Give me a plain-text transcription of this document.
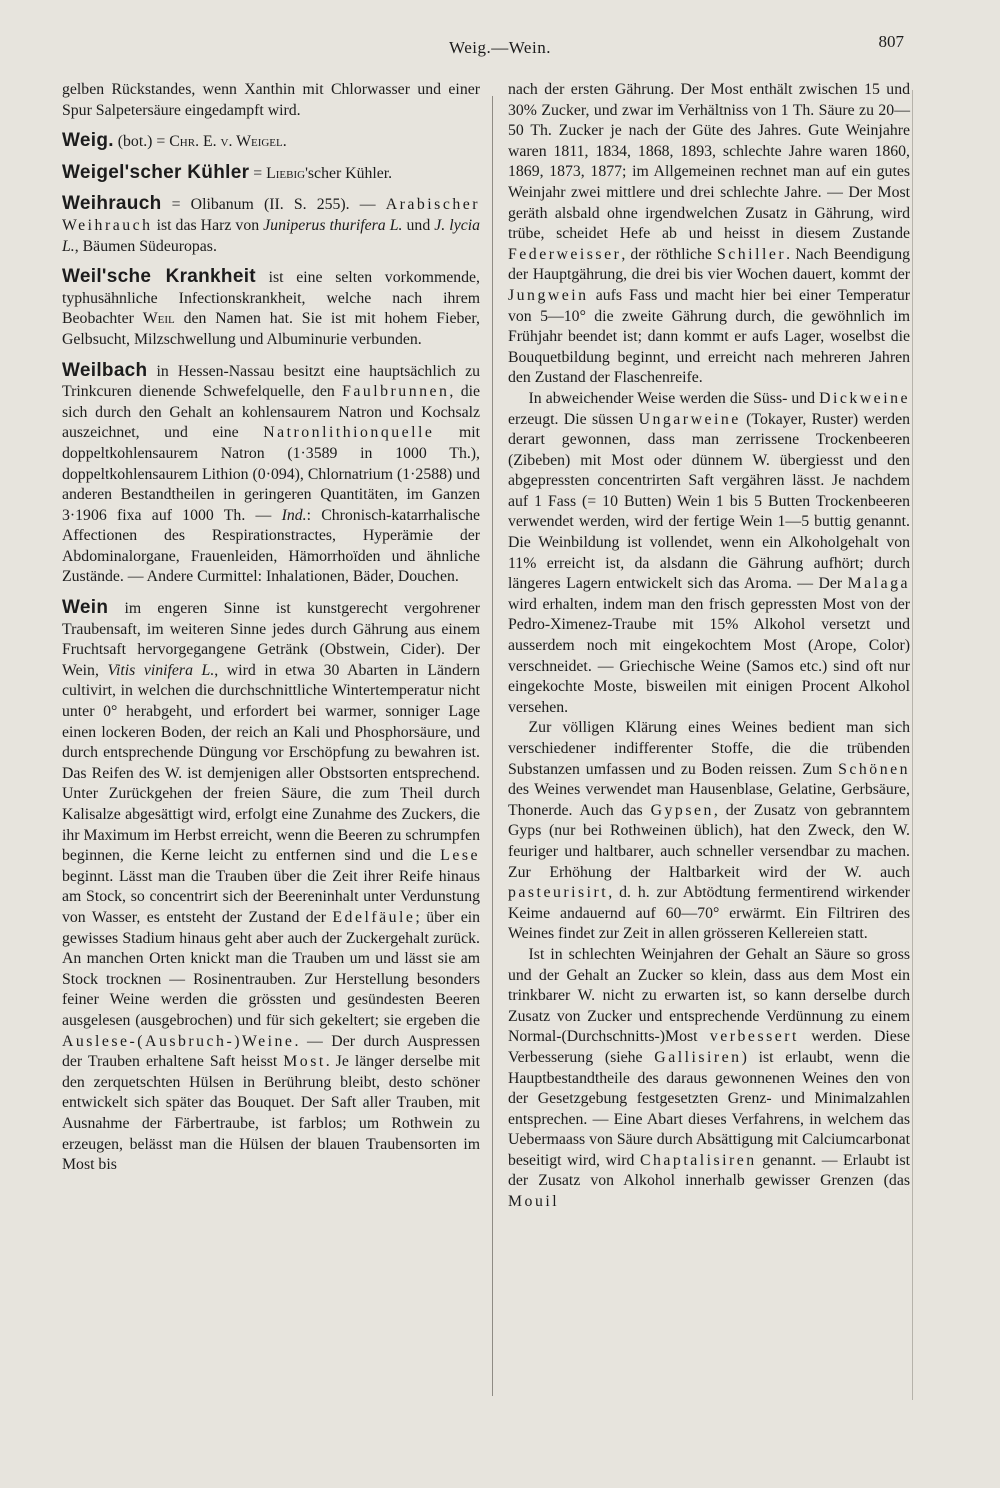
Weig.—Wein.	807

gelben Rückstandes, wenn Xanthin mit Chlorwasser und einer Spur Salpetersäure eingedampft wird.

Weig. (bot.) = Chr. E. v. Weigel.

Weigel'scher Kühler = Liebig'scher Kühler.

Weihrauch = Olibanum (II. S. 255). — Arabischer Weihrauch ist das Harz von Juniperus thurifera L. und J. lycia L., Bäumen Südeuropas.

Weil'sche Krankheit ist eine selten vorkommende, typhusähnliche Infectionskrankheit, welche nach ihrem Beobachter Weil den Namen hat. Sie ist mit hohem Fieber, Gelbsucht, Milzschwellung und Albuminurie verbunden.

Weilbach in Hessen-Nassau besitzt eine hauptsächlich zu Trinkcuren dienende Schwefelquelle, den Faulbrunnen, die sich durch den Gehalt an kohlensaurem Natron und Kochsalz auszeichnet, und eine Natronlithionquelle mit doppeltkohlensaurem Natron (1·3589 in 1000 Th.), doppeltkohlensaurem Lithion (0·094), Chlornatrium (1·2588) und anderen Bestandtheilen in geringeren Quantitäten, im Ganzen 3·1906 fixa auf 1000 Th. — Ind.: Chronisch-katarrhalische Affectionen des Respirationstractes, Hyperämie der Abdominalorgane, Frauenleiden, Hämorrhoïden und ähnliche Zustände. — Andere Curmittel: Inhalationen, Bäder, Douchen.

Wein im engeren Sinne ist kunstgerecht vergohrener Traubensaft, im weiteren Sinne jedes durch Gährung aus einem Fruchtsaft hervorgegangene Getränk (Obstwein, Cider). Der Wein, Vitis vinifera L., wird in etwa 30 Abarten in Ländern cultivirt, in welchen die durchschnittliche Wintertemperatur nicht unter 0° herabgeht, und erfordert bei warmer, sonniger Lage einen lockeren Boden, der reich an Kali und Phosphorsäure, und durch entsprechende Düngung vor Erschöpfung zu bewahren ist. Das Reifen des W. ist demjenigen aller Obstsorten entsprechend. Unter Zurückgehen der freien Säure, die zum Theil durch Kalisalze abgesättigt wird, erfolgt eine Zunahme des Zuckers, die ihr Maximum im Herbst erreicht, wenn die Beeren zu schrumpfen beginnen, die Kerne leicht zu entfernen sind und die Lese beginnt. Lässt man die Trauben über die Zeit ihrer Reife hinaus am Stock, so concentrirt sich der Beereninhalt unter Verdunstung von Wasser, es entsteht der Zustand der Edelfäule; über ein gewisses Stadium hinaus geht aber auch der Zuckergehalt zurück. An manchen Orten knickt man die Trauben um und lässt sie am Stock trocknen — Rosinentrauben. Zur Herstellung besonders feiner Weine werden die grössten und gesündesten Beeren ausgelesen (ausgebrochen) und für sich gekeltert; sie ergeben die Auslese-(Ausbruch-)Weine. — Der durch Auspressen der Trauben erhaltene Saft heisst Most. Je länger derselbe mit den zerquetschten Hülsen in Berührung bleibt, desto schöner entwickelt sich später das Bouquet. Der Saft aller Trauben, mit Ausnahme der Färbertraube, ist farblos; um Rothwein zu erzeugen, belässt man die Hülsen der blauen Traubensorten im Most bis

nach der ersten Gährung. Der Most enthält zwischen 15 und 30% Zucker, und zwar im Verhältniss von 1 Th. Säure zu 20—50 Th. Zucker je nach der Güte des Jahres. Gute Weinjahre waren 1811, 1834, 1868, 1893, schlechte Jahre waren 1860, 1869, 1873, 1877; im Allgemeinen rechnet man auf ein gutes Weinjahr zwei mittlere und drei schlechte Jahre. — Der Most geräth alsbald ohne irgendwelchen Zusatz in Gährung, wird trübe, scheidet Hefe ab und heisst in diesem Zustande Federweisser, der röthliche Schiller. Nach Beendigung der Hauptgährung, die drei bis vier Wochen dauert, kommt der Jungwein aufs Fass und macht hier bei einer Temperatur von 5—10° die zweite Gährung durch, die gewöhnlich im Frühjahr beendet ist; dann kommt er aufs Lager, woselbst die Bouquetbildung beginnt, und erreicht nach mehreren Jahren den Zustand der Flaschenreife.

In abweichender Weise werden die Süss- und Dickweine erzeugt. Die süssen Ungarweine (Tokayer, Ruster) werden derart gewonnen, dass man zerrissene Trockenbeeren (Zibeben) mit Most oder dünnem W. übergiesst und den abgepressten concentrirten Saft vergähren lässt. Je nachdem auf 1 Fass (= 10 Butten) Wein 1 bis 5 Butten Trockenbeeren verwendet werden, wird der fertige Wein 1—5 buttig genannt. Die Weinbildung ist vollendet, wenn ein Alkoholgehalt von 11% erreicht ist, da alsdann die Gährung aufhört; durch längeres Lagern entwickelt sich das Aroma. — Der Malaga wird erhalten, indem man den frisch gepressten Most von der Pedro-Ximenez-Traube mit 15% Alkohol versetzt und ausserdem noch mit eingekochtem Most (Arope, Color) verschneidet. — Griechische Weine (Samos etc.) sind oft nur eingekochte Moste, bisweilen mit einigen Procent Alkohol versehen.

Zur völligen Klärung eines Weines bedient man sich verschiedener indifferenter Stoffe, die die trübenden Substanzen umfassen und zu Boden reissen. Zum Schönen des Weines verwendet man Hausenblase, Gelatine, Gerbsäure, Thonerde. Auch das Gypsen, der Zusatz von gebranntem Gyps (nur bei Rothweinen üblich), hat den Zweck, den W. feuriger und haltbarer, auch schneller versendbar zu machen. Zur Erhöhung der Haltbarkeit wird der W. auch pasteurisirt, d. h. zur Abtödtung fermentirend wirkender Keime andauernd auf 60—70° erwärmt. Ein Filtriren des Weines findet zur Zeit in allen grösseren Kellereien statt.

Ist in schlechten Weinjahren der Gehalt an Säure so gross und der Gehalt an Zucker so klein, dass aus dem Most ein trinkbarer W. nicht zu erwarten ist, so kann derselbe durch Zusatz von Zucker und entsprechende Verdünnung zu einem Normal-(Durchschnitts-)Most verbessert werden. Diese Verbesserung (siehe Gallisiren) ist erlaubt, wenn die Hauptbestandtheile des daraus gewonnenen Weines den von der Gesetzgebung festgesetzten Grenz- und Minimalzahlen entsprechen. — Eine Abart dieses Verfahrens, in welchem das Uebermaass von Säure durch Absättigung mit Calciumcarbonat beseitigt wird, wird Chaptalisiren genannt. — Erlaubt ist der Zusatz von Alkohol innerhalb gewisser Grenzen (das Mouil
